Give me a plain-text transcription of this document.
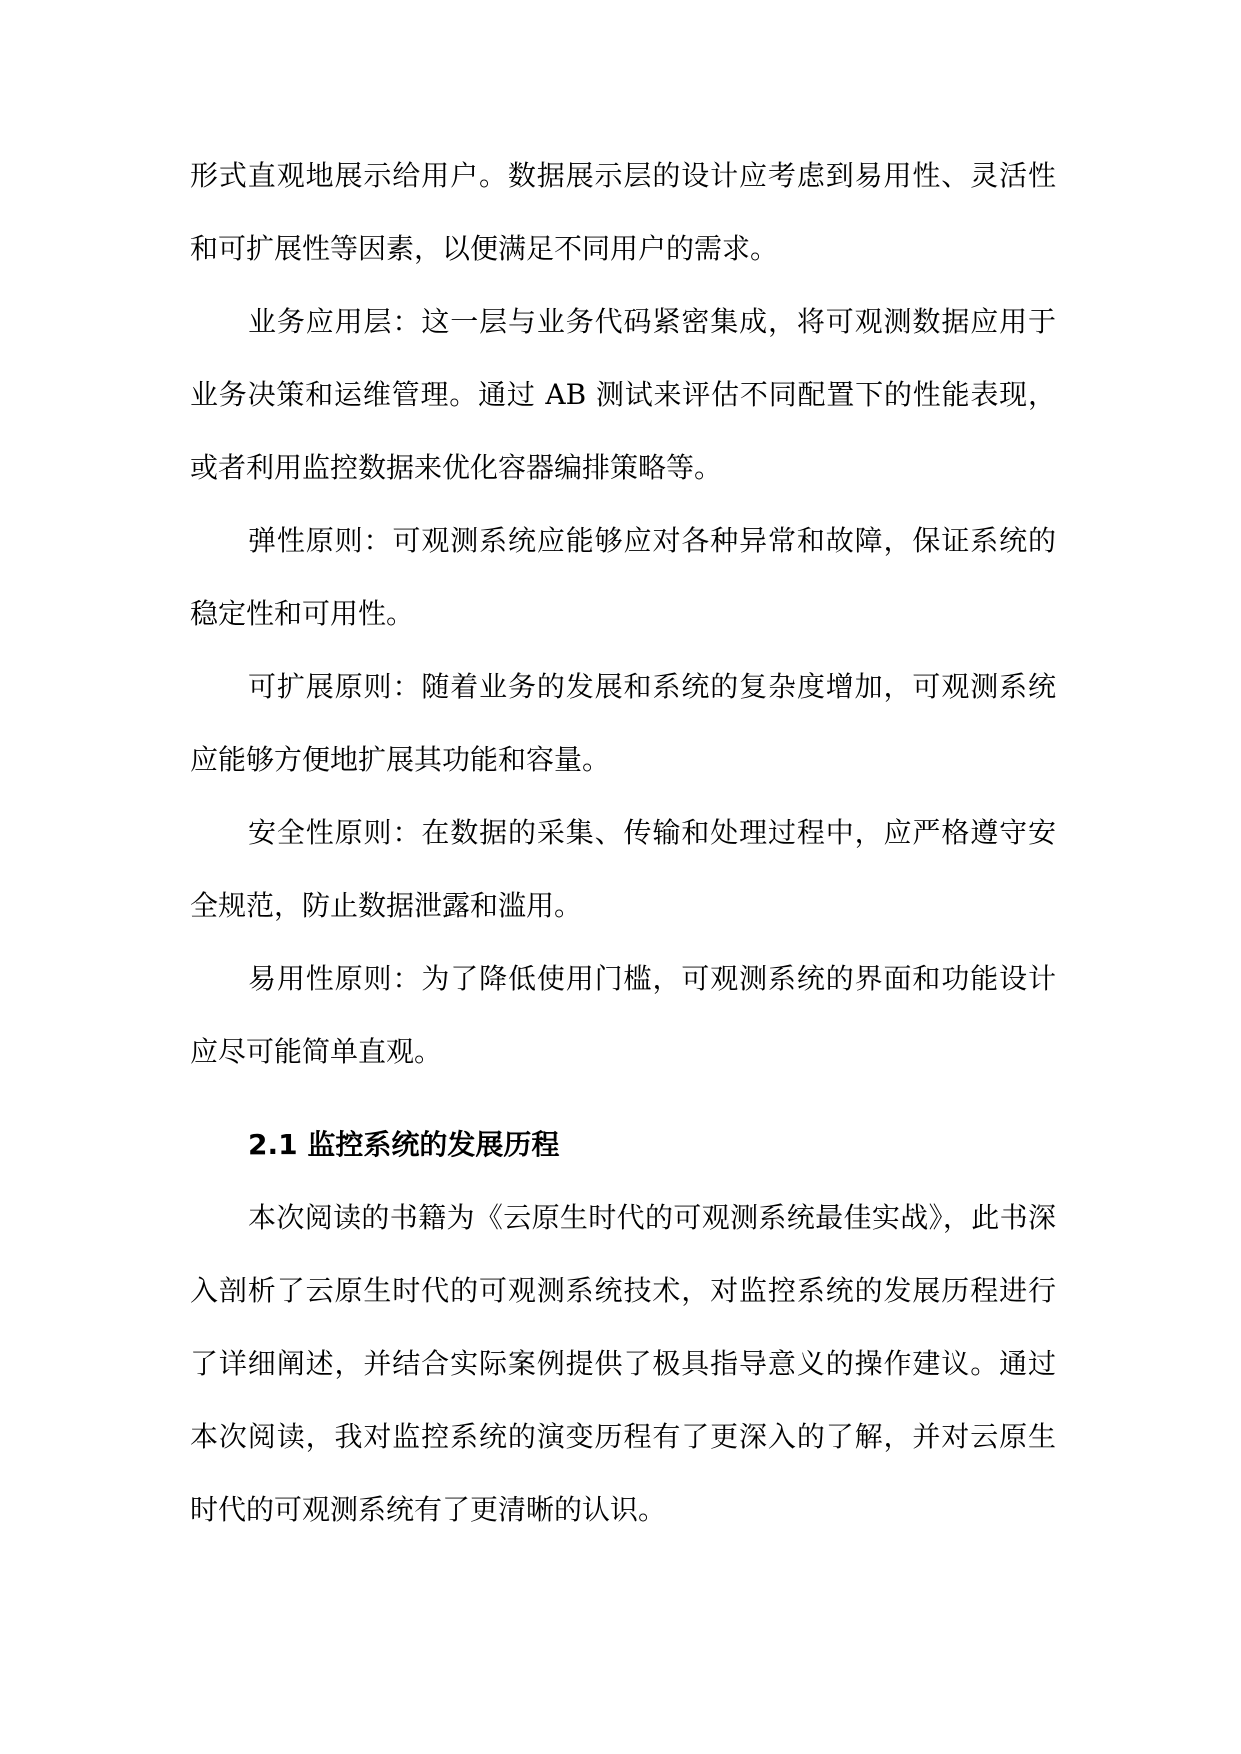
形式直观地展示给用户。数据展示层的设计应考虑到易用性、灵活性和可扩展性等因素，以便满足不同用户的需求。

业务应用层：这一层与业务代码紧密集成，将可观测数据应用于业务决策和运维管理。通过 AB 测试来评估不同配置下的性能表现，或者利用监控数据来优化容器编排策略等。

弹性原则：可观测系统应能够应对各种异常和故障，保证系统的稳定性和可用性。

可扩展原则：随着业务的发展和系统的复杂度增加，可观测系统应能够方便地扩展其功能和容量。

安全性原则：在数据的采集、传输和处理过程中，应严格遵守安全规范，防止数据泄露和滥用。

易用性原则：为了降低使用门槛，可观测系统的界面和功能设计应尽可能简单直观。

2.1 监控系统的发展历程

本次阅读的书籍为《云原生时代的可观测系统最佳实战》，此书深入剖析了云原生时代的可观测系统技术，对监控系统的发展历程进行了详细阐述，并结合实际案例提供了极具指导意义的操作建议。通过本次阅读，我对监控系统的演变历程有了更深入的了解，并对云原生时代的可观测系统有了更清晰的认识。
